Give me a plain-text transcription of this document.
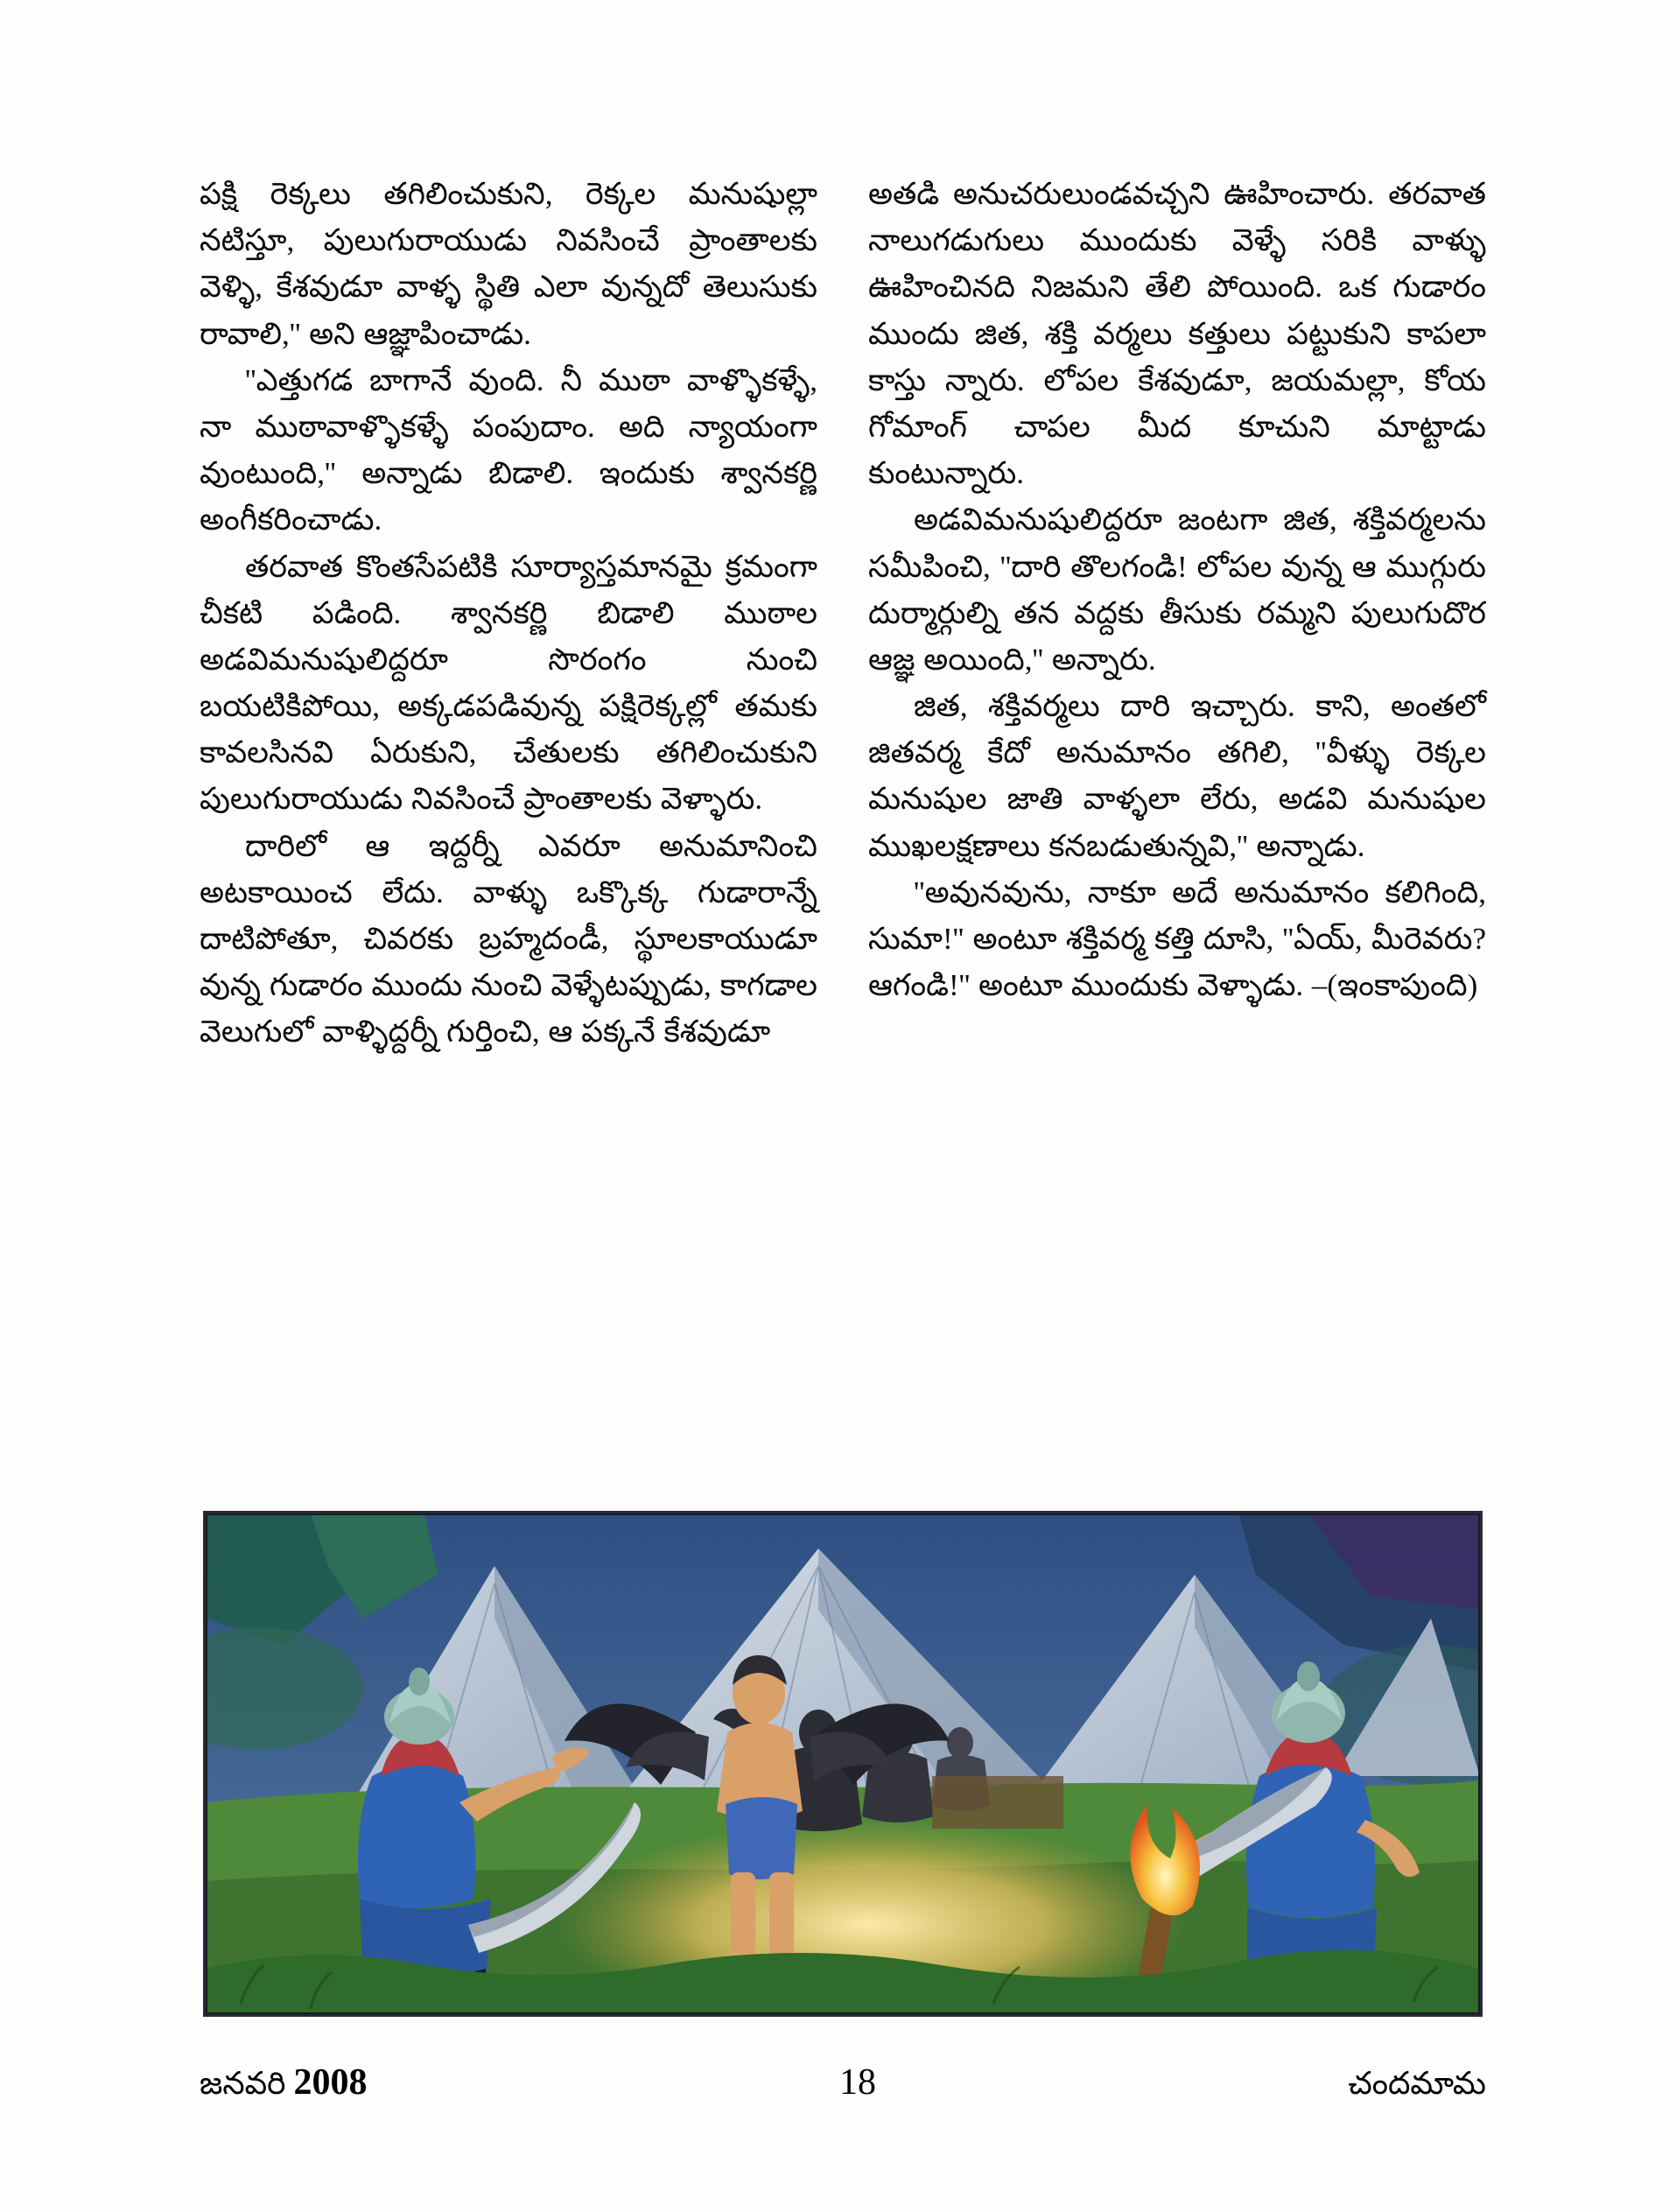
పక్షి రెక్కలు తగిలించుకుని, రెక్కల మనుషుల్లా నటిస్తూ, పులుగురాయుడు నివసించే ప్రాంతాలకు వెళ్ళి, కేశవుడూ వాళ్ళ స్థితి ఎలా వున్నదో తెలుసుకు రావాలి,'' అని ఆజ్ఞాపించాడు.

''ఎత్తుగడ బాగానే వుంది. నీ ముఠా వాళ్ళొకళ్ళే, నా ముఠావాళ్ళొకళ్ళే పంపుదాం. అది న్యాయంగా వుంటుంది,'' అన్నాడు బిడాలి. ఇందుకు శ్వానకర్ణి అంగీకరించాడు.

తరవాత కొంతసేపటికి సూర్యాస్తమానమై క్రమంగా చీకటి పడింది. శ్వానకర్ణి బిడాలి ముఠాల అడవిమనుషులిద్దరూ సొరంగం నుంచి బయటికిపోయి, అక్కడపడివున్న పక్షిరెక్కల్లో తమకు కావలసినవి ఏరుకుని, చేతులకు తగిలించుకుని పులుగురాయుడు నివసించే ప్రాంతాలకు వెళ్ళారు.

దారిలో ఆ ఇద్దర్నీ ఎవరూ అనుమానించి అటకాయించ లేదు. వాళ్ళు ఒక్కొక్క గుడారాన్నే దాటిపోతూ, చివరకు బ్రహ్మదండీ, స్థూలకాయుడూ వున్న గుడారం ముందు నుంచి వెళ్ళేటప్పుడు, కాగడాల వెలుగులో వాళ్ళిద్దర్నీ గుర్తించి, ఆ పక్కనే కేశవుడూ

అతడి అనుచరులుండవచ్చని ఊహించారు. తరవాత నాలుగడుగులు ముందుకు వెళ్ళే సరికి వాళ్ళు ఊహించినది నిజమని తేలి పోయింది. ఒక గుడారం ముందు జిత, శక్తి వర్మలు కత్తులు పట్టుకుని కాపలా కాస్తు న్నారు. లోపల కేశవుడూ, జయమల్లా, కోయ గోమాంగ్ చాపల మీద కూచుని మాట్టాడు కుంటున్నారు.

అడవిమనుషులిద్దరూ జంటగా జిత, శక్తివర్మలను సమీపించి, ''దారి తొలగండి! లోపల వున్న ఆ ముగ్గురు దుర్మార్గుల్ని తన వద్దకు తీసుకు రమ్మని పులుగుదొర ఆజ్ఞ అయింది,'' అన్నారు.

జిత, శక్తివర్మలు దారి ఇచ్చారు. కాని, అంతలో జితవర్మ కేదో అనుమానం తగిలి, ''వీళ్ళు రెక్కల మనుషుల జాతి వాళ్ళలా లేరు, అడవి మనుషుల ముఖలక్షణాలు కనబడుతున్నవి,'' అన్నాడు.

''అవునవును, నాకూ అదే అనుమానం కలిగింది, సుమా!'' అంటూ శక్తివర్మ కత్తి దూసి, ''ఏయ్, మీరెవరు? ఆగండి!'' అంటూ ముందుకు వెళ్ళాడు. –(ఇంకాపుంది)

జనవరి 2008	18	చందమామ
